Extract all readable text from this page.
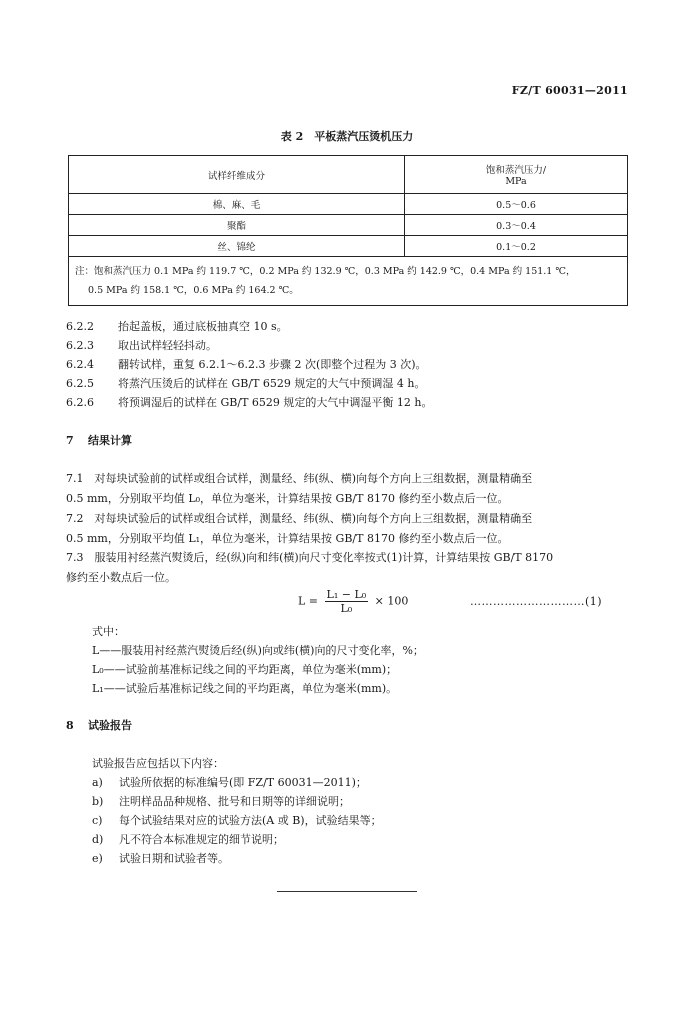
FZ/T 60031—2011
表 2　平板蒸汽压烫机压力
试样纤维成分	饱和蒸汽压力/
MPa

棉、麻、毛	0.5～0.6
聚酯	0.3～0.4
丝、锦纶	0.1～0.2

注：饱和蒸汽压力 0.1 MPa 约 119.7 ℃，0.2 MPa 约 132.9 ℃，0.3 MPa 约 142.9 ℃，0.4 MPa 约 151.1 ℃，
0.5 MPa 约 158.1 ℃，0.6 MPa 约 164.2 ℃。	
6.2.2 抬起盖板，通过底板抽真空 10 s。
6.2.3 取出试样轻轻抖动。
6.2.4 翻转试样，重复 6.2.1～6.2.3 步骤 2 次(即整个过程为 3 次)。
6.2.5 将蒸汽压烫后的试样在 GB/T 6529 规定的大气中预调湿 4 h。
6.2.6 将预调湿后的试样在 GB/T 6529 规定的大气中调湿平衡 12 h。
7 结果计算
7.1　对每块试验前的试样或组合试样，测量经、纬(纵、横)向每个方向上三组数据，测量精确至
0.5 mm，分别取平均值 L₀，单位为毫米，计算结果按 GB/T 8170 修约至小数点后一位。
7.2　对每块试验后的试样或组合试样，测量经、纬(纵、横)向每个方向上三组数据，测量精确至
0.5 mm，分别取平均值 L₁，单位为毫米，计算结果按 GB/T 8170 修约至小数点后一位。
7.3　服装用衬经蒸汽熨烫后，经(纵)向和纬(横)向尺寸变化率按式(1)计算，计算结果按 GB/T 8170
修约至小数点后一位。
$L = \frac{\text{L₁ − L₀}}{\text{L₀}} \times 100$	…………………………(1)
式中：
L——服装用衬经蒸汽熨烫后经(纵)向或纬(横)向的尺寸变化率，%；
L₀——试验前基准标记线之间的平均距离，单位为毫米(mm)；
L₁——试验后基准标记线之间的平均距离，单位为毫米(mm)。
8 试验报告
试验报告应包括以下内容：
a) 试验所依据的标准编号(即 FZ/T 60031—2011)；
b) 注明样品品种规格、批号和日期等的详细说明；
c) 每个试验结果对应的试验方法(A 或 B)，试验结果等；
d) 凡不符合本标准规定的细节说明；
e) 试验日期和试验者等。
